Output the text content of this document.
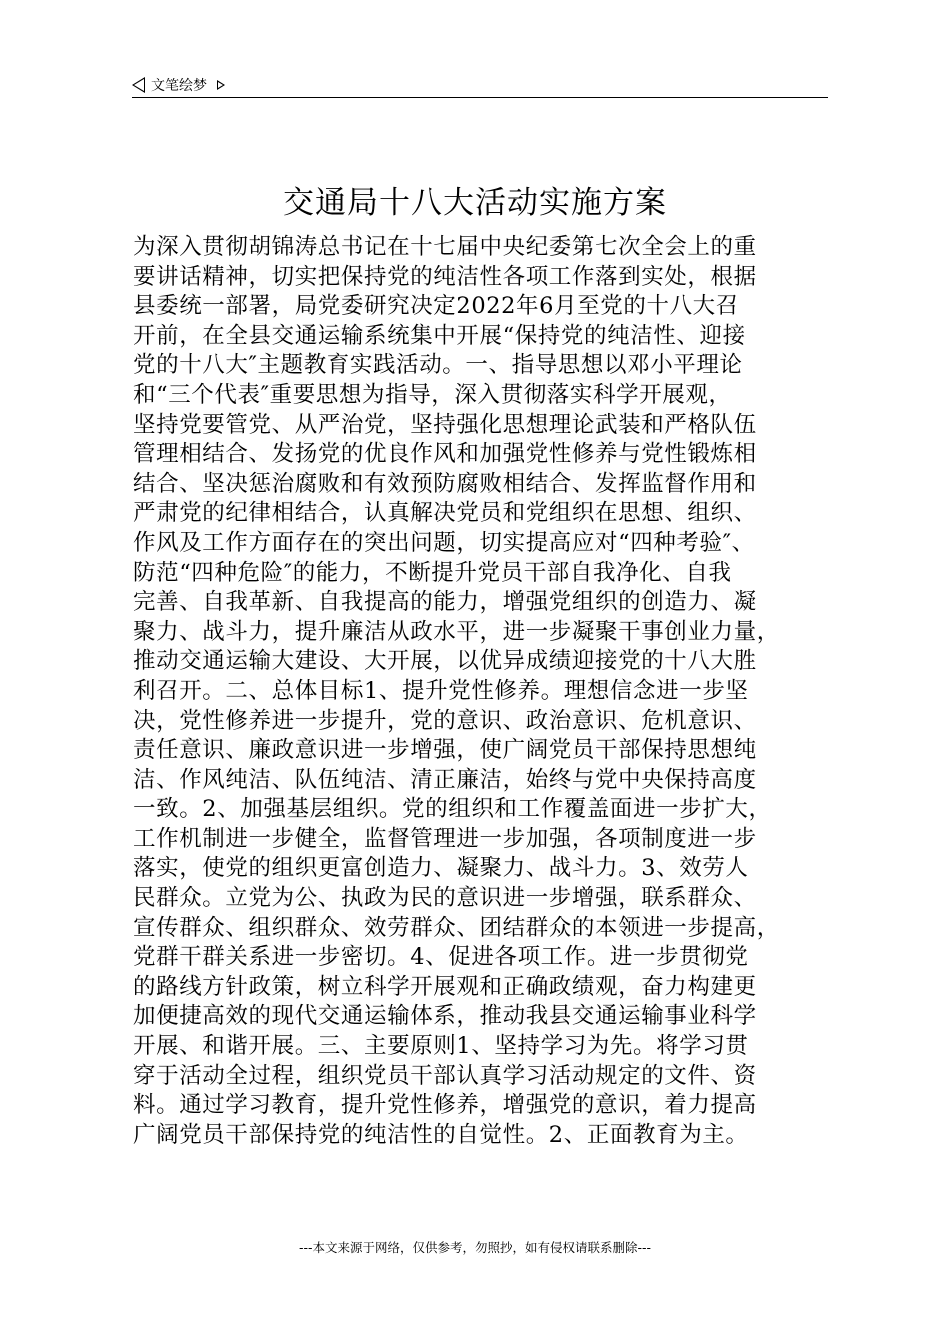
文笔绘梦
交通局十八大活动实施方案
为深入贯彻胡锦涛总书记在十七届中央纪委第七次全会上的重
要讲话精神，切实把保持党的纯洁性各项工作落到实处，根据
县委统一部署，局党委研究决定2022年6月至党的十八大召
开前，在全县交通运输系统集中开展“保持党的纯洁性、迎接
党的十八大″主题教育实践活动。一、指导思想以邓小平理论
和“三个代表″重要思想为指导，深入贯彻落实科学开展观，
坚持党要管党、从严治党，坚持强化思想理论武装和严格队伍
管理相结合、发扬党的优良作风和加强党性修养与党性锻炼相
结合、坚决惩治腐败和有效预防腐败相结合、发挥监督作用和
严肃党的纪律相结合，认真解决党员和党组织在思想、组织、
作风及工作方面存在的突出问题，切实提高应对“四种考验″、
防范“四种危险″的能力，不断提升党员干部自我净化、自我
完善、自我革新、自我提高的能力，增强党组织的创造力、凝
聚力、战斗力，提升廉洁从政水平，进一步凝聚干事创业力量，
推动交通运输大建设、大开展，以优异成绩迎接党的十八大胜
利召开。二、总体目标1、提升党性修养。理想信念进一步坚
决，党性修养进一步提升，党的意识、政治意识、危机意识、
责任意识、廉政意识进一步增强，使广阔党员干部保持思想纯
洁、作风纯洁、队伍纯洁、清正廉洁，始终与党中央保持高度
一致。2、加强基层组织。党的组织和工作覆盖面进一步扩大，
工作机制进一步健全，监督管理进一步加强，各项制度进一步
落实，使党的组织更富创造力、凝聚力、战斗力。3、效劳人
民群众。立党为公、执政为民的意识进一步增强，联系群众、
宣传群众、组织群众、效劳群众、团结群众的本领进一步提高，
党群干群关系进一步密切。4、促进各项工作。进一步贯彻党
的路线方针政策，树立科学开展观和正确政绩观，奋力构建更
加便捷高效的现代交通运输体系，推动我县交通运输事业科学
开展、和谐开展。三、主要原则1、坚持学习为先。将学习贯
穿于活动全过程，组织党员干部认真学习活动规定的文件、资
料。通过学习教育，提升党性修养，增强党的意识，着力提高
广阔党员干部保持党的纯洁性的自觉性。2、正面教育为主。
---本文来源于网络，仅供参考，勿照抄，如有侵权请联系删除---
